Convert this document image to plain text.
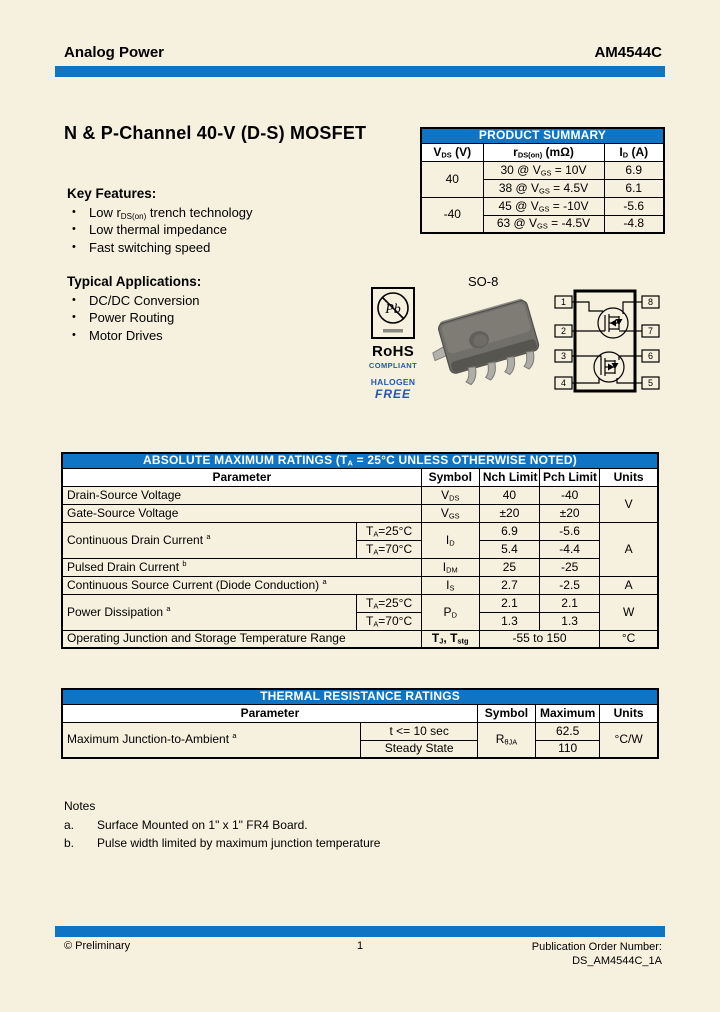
Analog Power	AM4544C
N & P-Channel 40-V (D-S) MOSFET
Key Features:
•	Low $r_{DS(on)}$ trench technology
•	Low thermal impedance
•	Fast switching speed
Typical Applications:
•	DC/DC Conversion
•	Power Routing
•	Motor Drives
PRODUCT SUMMARY		
$V_{DS}$ (V)	$r_{DS(on)}$ (mΩ)	$I_D$ (A)
40	30 @ $V_{GS} = 10V$	6.9
	38 @ $V_{GS} = 4.5V$	6.1
-40	45 @ $V_{GS} = -10V$	-5.6
	63 @ $V_{GS} = -4.5V$	-4.8
SO-8
Pb
RoHS
COMPLIANT
HALOGEN
FREE
1
2
3
4
8
7
6
5
ABSOLUTE MAXIMUM RATINGS ($T_A = 25^\circ C$ UNLESS OTHERWISE NOTED)					
Parameter		Symbol	Nch Limit	Pch Limit	Units
Drain-Source Voltage		$V_{DS}$	40	-40	V
Gate-Source Voltage		$V_{GS}$	±20	±20	
Continuous Drain Current $^a$	$T_A=25^\circ C$	$I_D$	6.9	-5.6	A
	$T_A=70^\circ C$		5.4	-4.4	
Pulsed Drain Current $^b$		$I_{DM}$	25	-25	
Continuous Source Current (Diode Conduction) $^a$		$I_S$	2.7	-2.5	A
Power Dissipation $^a$	$T_A=25^\circ C$	$P_D$	2.1	2.1	W
	$T_A=70^\circ C$		1.3	1.3	
Operating Junction and Storage Temperature Range		$T_J$, $T_{stg}$	-55 to 150		°C
THERMAL RESISTANCE RATINGS				
Parameter		Symbol	Maximum	Units
Maximum Junction-to-Ambient $^a$	t <= 10 sec	$R_{\theta JA}$	62.5	°C/W
	Steady State		110	
Notes
a.	Surface Mounted on 1" x 1" FR4 Board.
b.	Pulse width limited by maximum junction temperature
© Preliminary	1	Publication Order Number:
DS_AM4544C_1A
